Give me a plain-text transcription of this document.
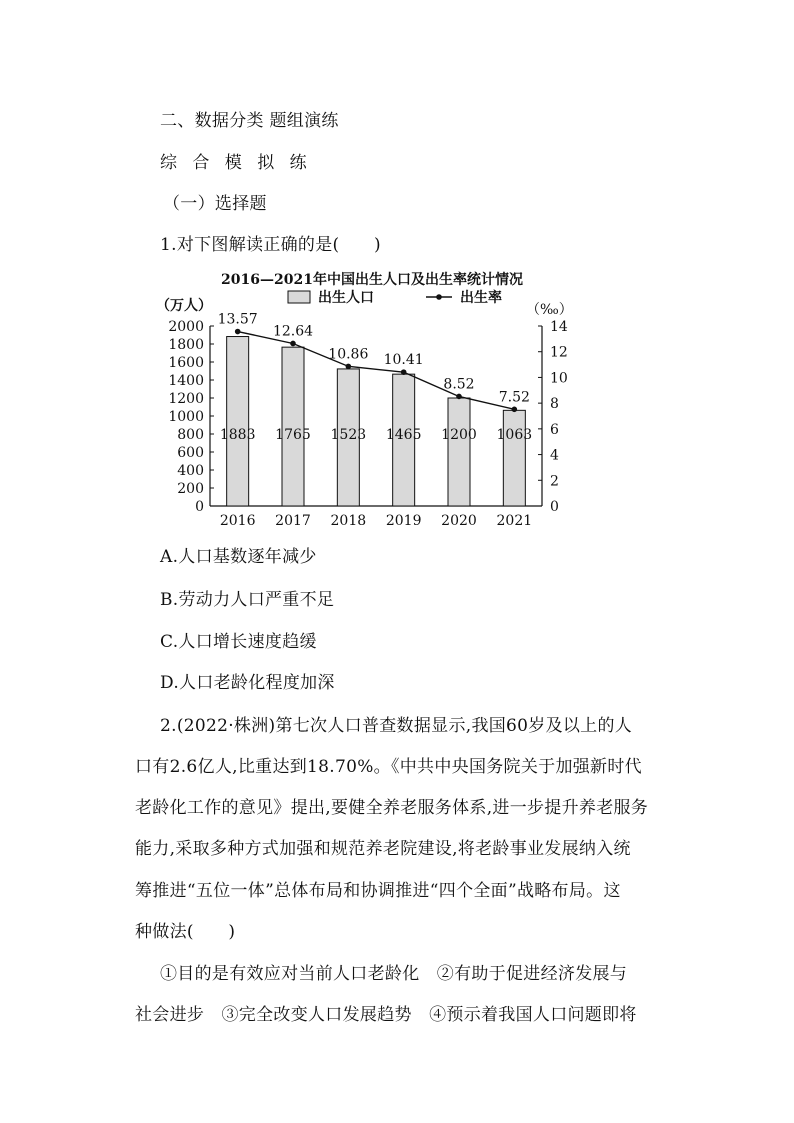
二、数据分类 题组演练
综 合 模 拟 练
（一）选择题
1.对下图解读正确的是(　　)
2016—2021年中国出生人口及出生率统计情况
出生人口	出生率
（万人）	（‰）
0
200
400
600
800
1000
1200
1400
1600
1800
2000
0
2
4
6
8
10
12
14
1883 1765 1523 1465 1200 1063
2016 2017 2018 2019 2020 2021
13.57
12.64
10.86 10.41
8.52
7.52
A.人口基数逐年减少
B.劳动力人口严重不足
C.人口增长速度趋缓
D.人口老龄化程度加深
2.(2022·株洲)第七次人口普查数据显示,我国60岁及以上的人
口有2.6亿人,比重达到18.70%。《中共中央国务院关于加强新时代
老龄化工作的意见》提出,要健全养老服务体系,进一步提升养老服务
能力,采取多种方式加强和规范养老院建设,将老龄事业发展纳入统
筹推进“五位一体”总体布局和协调推进“四个全面”战略布局。这
种做法(　　)
①目的是有效应对当前人口老龄化　②有助于促进经济发展与
社会进步　③完全改变人口发展趋势　④预示着我国人口问题即将
